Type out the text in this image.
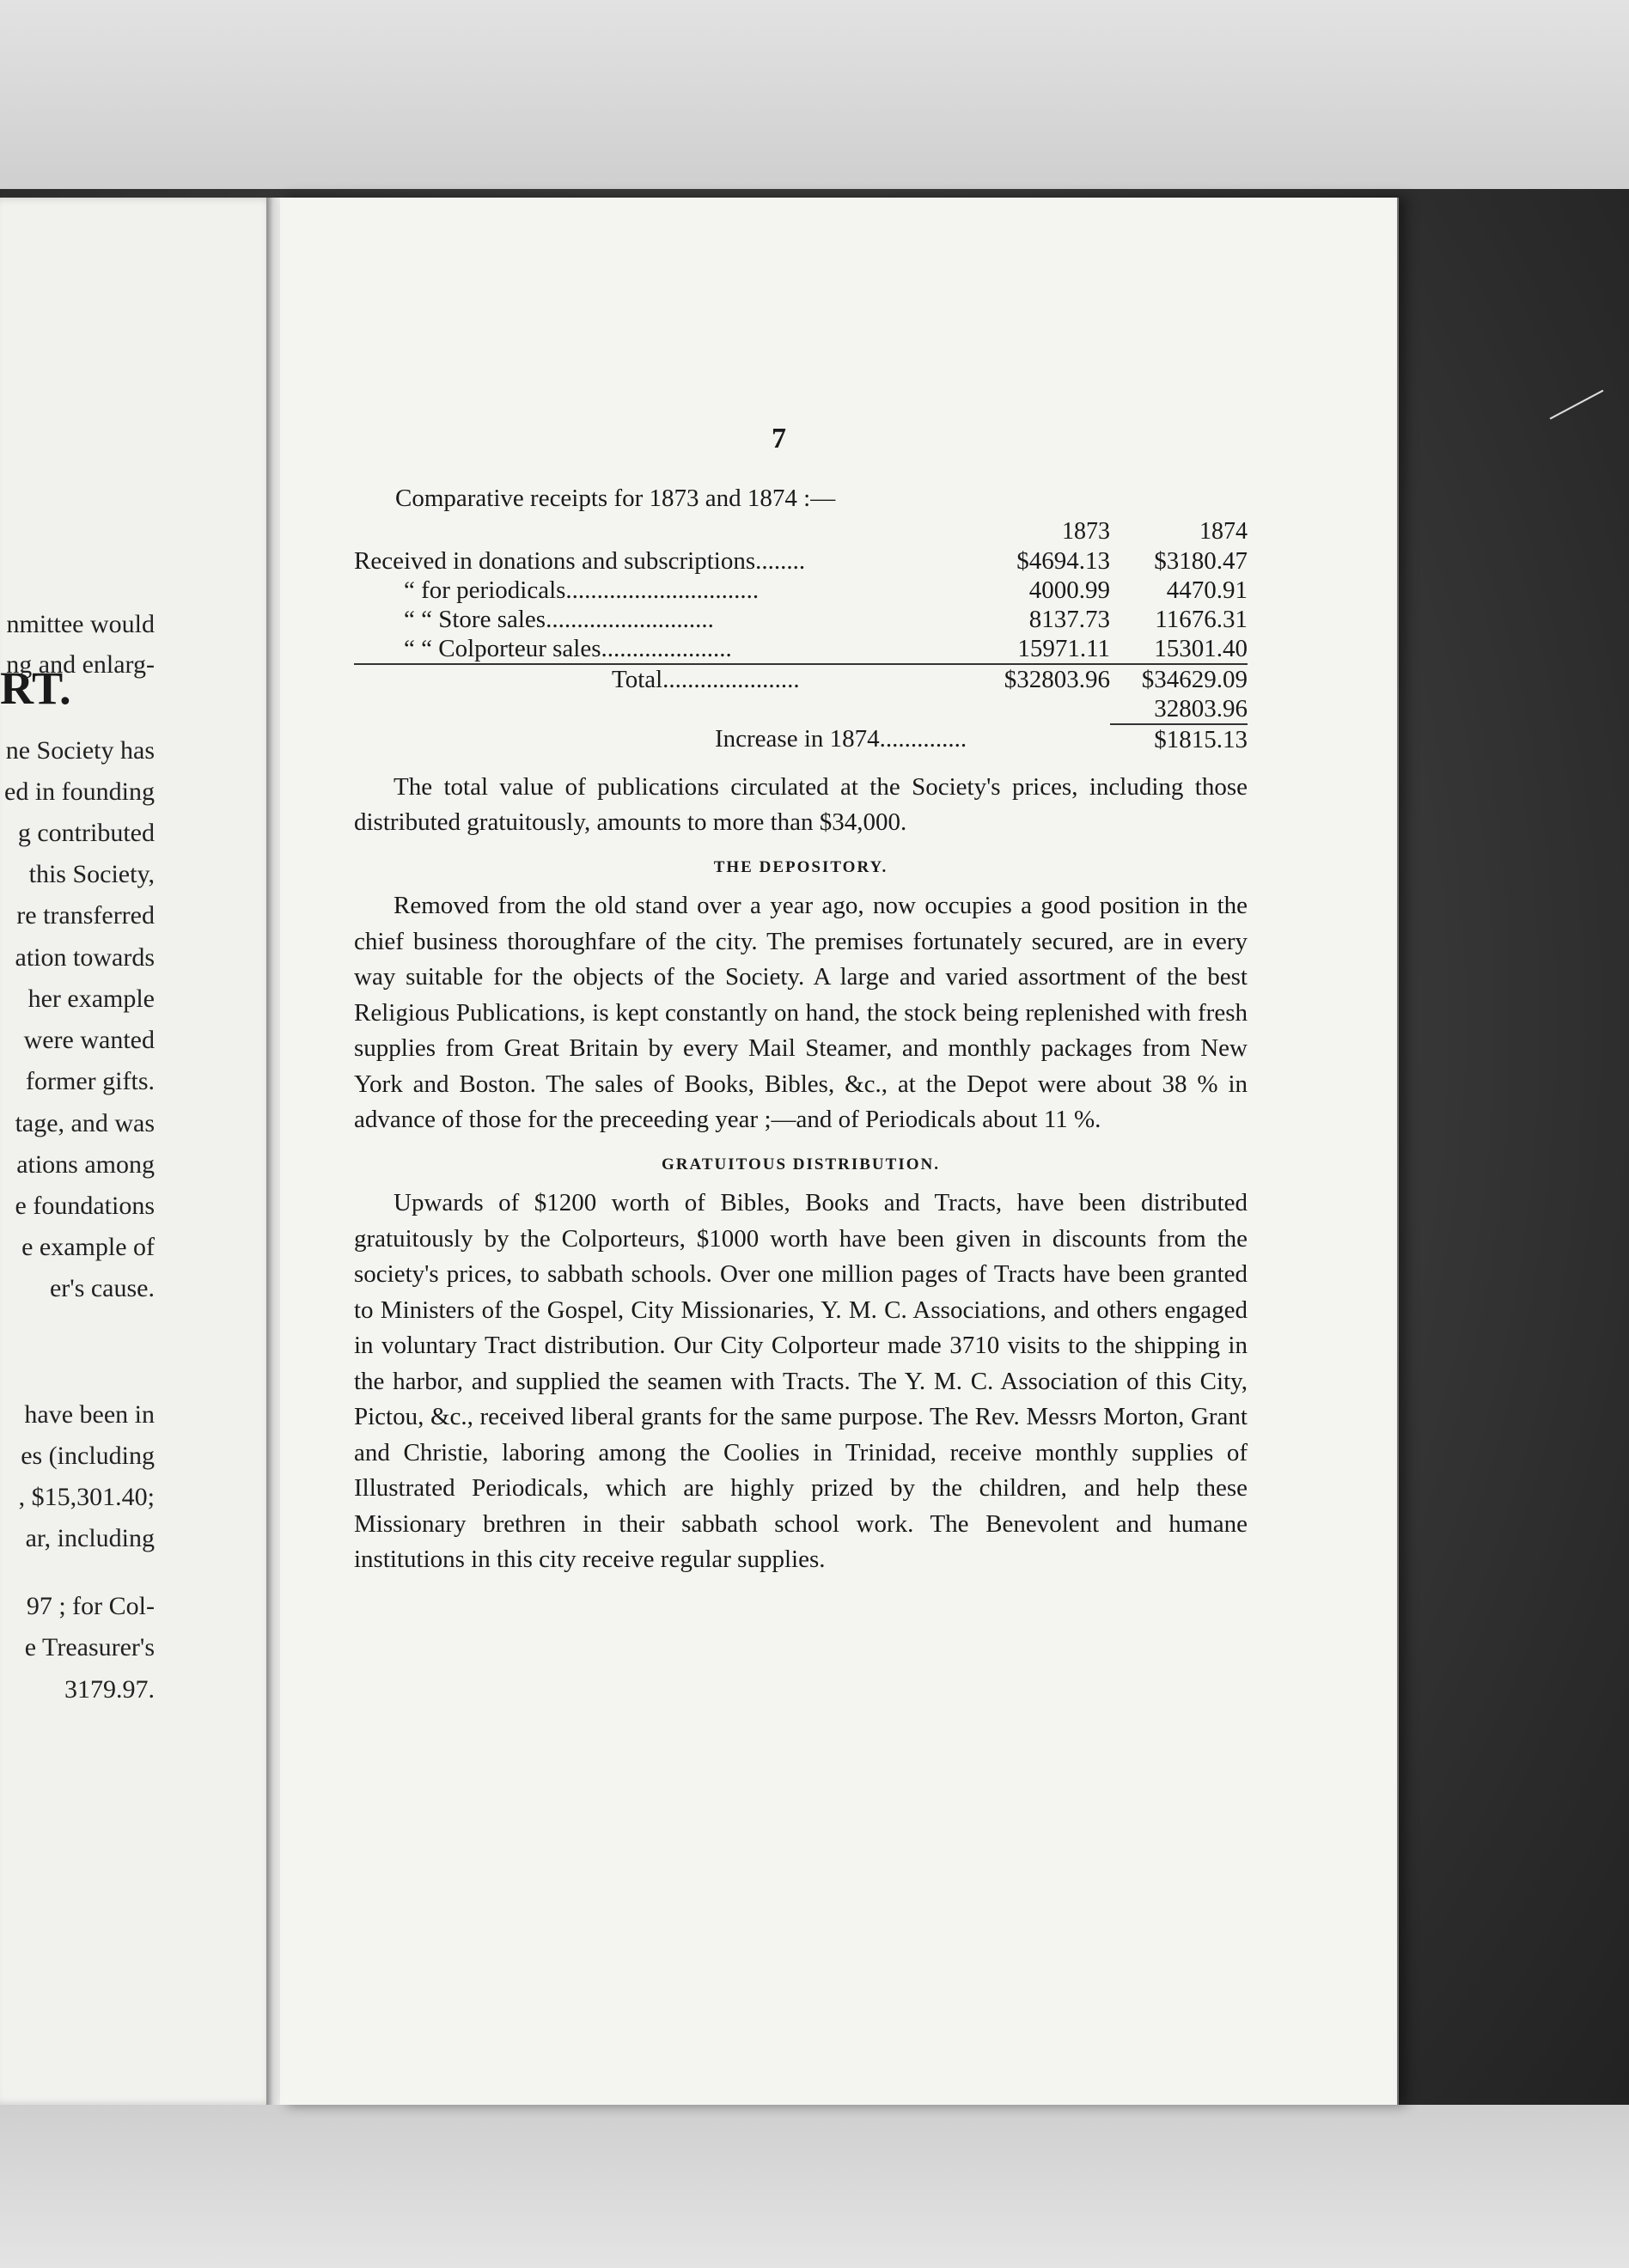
RT.
nmittee would
ng and enlarg-
ne Society has
ed in founding
g contributed
this Society,
re transferred
ation towards
her example
were wanted
former gifts.
tage, and was
ations among
e foundations
e example of
er's cause.
have been in
es (including
, $15,301.40;
ar, including
97 ; for Col-
e Treasurer's
3179.97.
7

Comparative receipts for 1873 and 1874 :—

	1873	1874
Received in donations and subscriptions........	$4694.13	$3180.47
“ for periodicals...............................	4000.99	4470.91
“ “ Store sales...........................	8137.73	11676.31
“ “ Colporteur sales.....................	15971.11	15301.40
Total......................	$32803.96	$34629.09
		32803.96
Increase in 1874..............		$1815.13

The total value of publications circulated at the Society's prices, including those distributed gratuitously, amounts to more than $34,000.

THE DEPOSITORY.

Removed from the old stand over a year ago, now occupies a good position in the chief business thoroughfare of the city. The premises fortunately secured, are in every way suitable for the objects of the Society. A large and varied assortment of the best Religious Publications, is kept constantly on hand, the stock being replenished with fresh supplies from Great Britain by every Mail Steamer, and monthly packages from New York and Boston. The sales of Books, Bibles, &c., at the Depot were about 38 % in advance of those for the preceeding year ;—and of Periodicals about 11 %.

GRATUITOUS DISTRIBUTION.

Upwards of $1200 worth of Bibles, Books and Tracts, have been distributed gratuitously by the Colporteurs, $1000 worth have been given in discounts from the society's prices, to sabbath schools. Over one million pages of Tracts have been granted to Ministers of the Gospel, City Missionaries, Y. M. C. Associations, and others engaged in voluntary Tract distribution. Our City Colporteur made 3710 visits to the shipping in the harbor, and supplied the seamen with Tracts. The Y. M. C. Association of this City, Pictou, &c., received liberal grants for the same purpose. The Rev. Messrs Morton, Grant and Christie, laboring among the Coolies in Trinidad, receive monthly supplies of Illustrated Periodicals, which are highly prized by the children, and help these Missionary brethren in their sabbath school work. The Benevolent and humane institutions in this city receive regular supplies.
